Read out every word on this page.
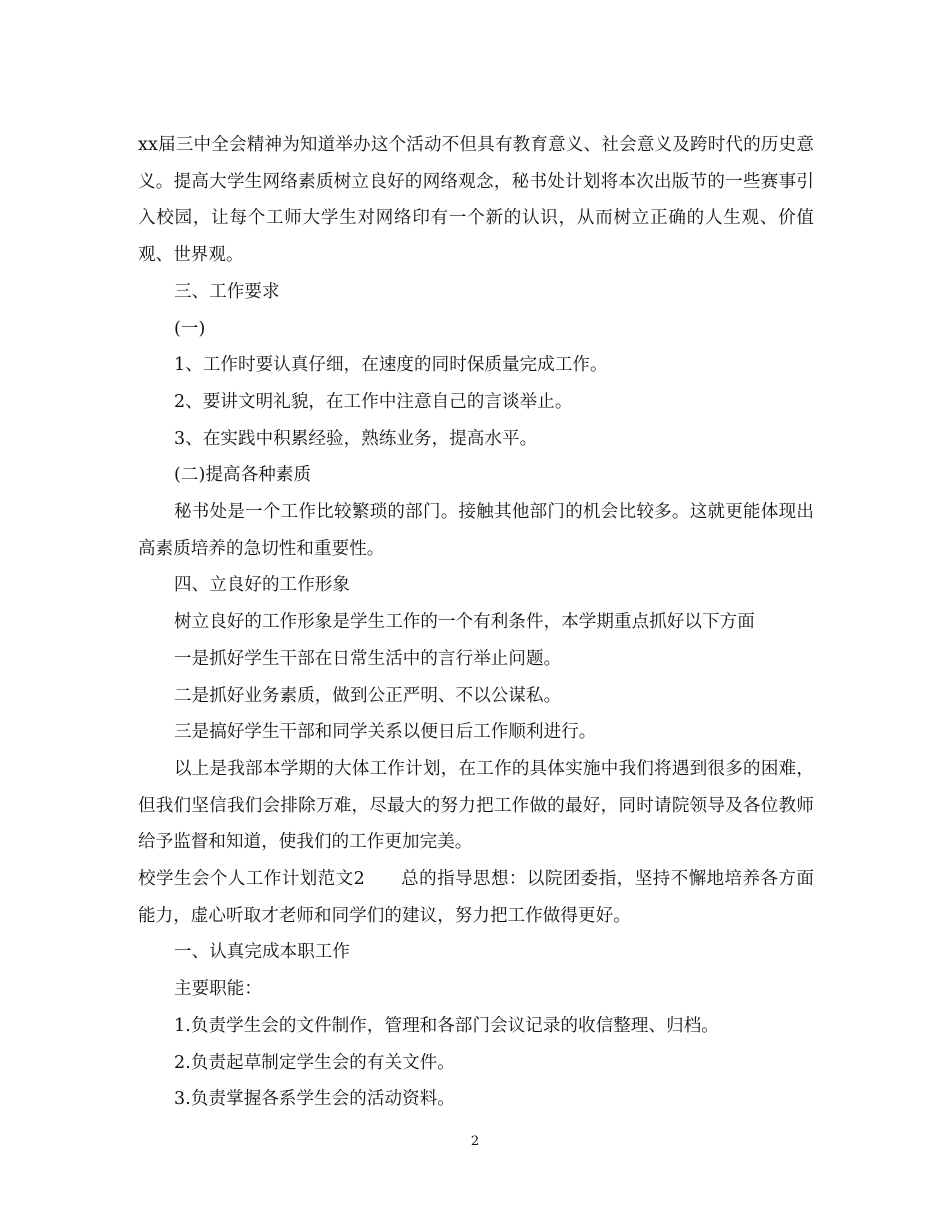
xx届三中全会精神为知道举办这个活动不但具有教育意义、社会意义及跨时代的历史意义。提高大学生网络素质树立良好的网络观念，秘书处计划将本次出版节的一些赛事引入校园，让每个工师大学生对网络印有一个新的认识，从而树立正确的人生观、价值观、世界观。

三、工作要求

(一)

1、工作时要认真仔细，在速度的同时保质量完成工作。

2、要讲文明礼貌，在工作中注意自己的言谈举止。

3、在实践中积累经验，熟练业务，提高水平。

(二)提高各种素质

秘书处是一个工作比较繁琐的部门。接触其他部门的机会比较多。这就更能体现出高素质培养的急切性和重要性。

四、立良好的工作形象

树立良好的工作形象是学生工作的一个有利条件，本学期重点抓好以下方面

一是抓好学生干部在日常生活中的言行举止问题。

二是抓好业务素质，做到公正严明、不以公谋私。

三是搞好学生干部和同学关系以便日后工作顺利进行。

以上是我部本学期的大体工作计划，在工作的具体实施中我们将遇到很多的困难，但我们坚信我们会排除万难，尽最大的努力把工作做的最好，同时请院领导及各位教师给予监督和知道，使我们的工作更加完美。

校学生会个人工作计划范文2　　总的指导思想：以院团委指，坚持不懈地培养各方面能力，虚心听取才老师和同学们的建议，努力把工作做得更好。

一、认真完成本职工作

主要职能：

1.负责学生会的文件制作，管理和各部门会议记录的收信整理、归档。

2.负责起草制定学生会的有关文件。

3.负责掌握各系学生会的活动资料。

2
